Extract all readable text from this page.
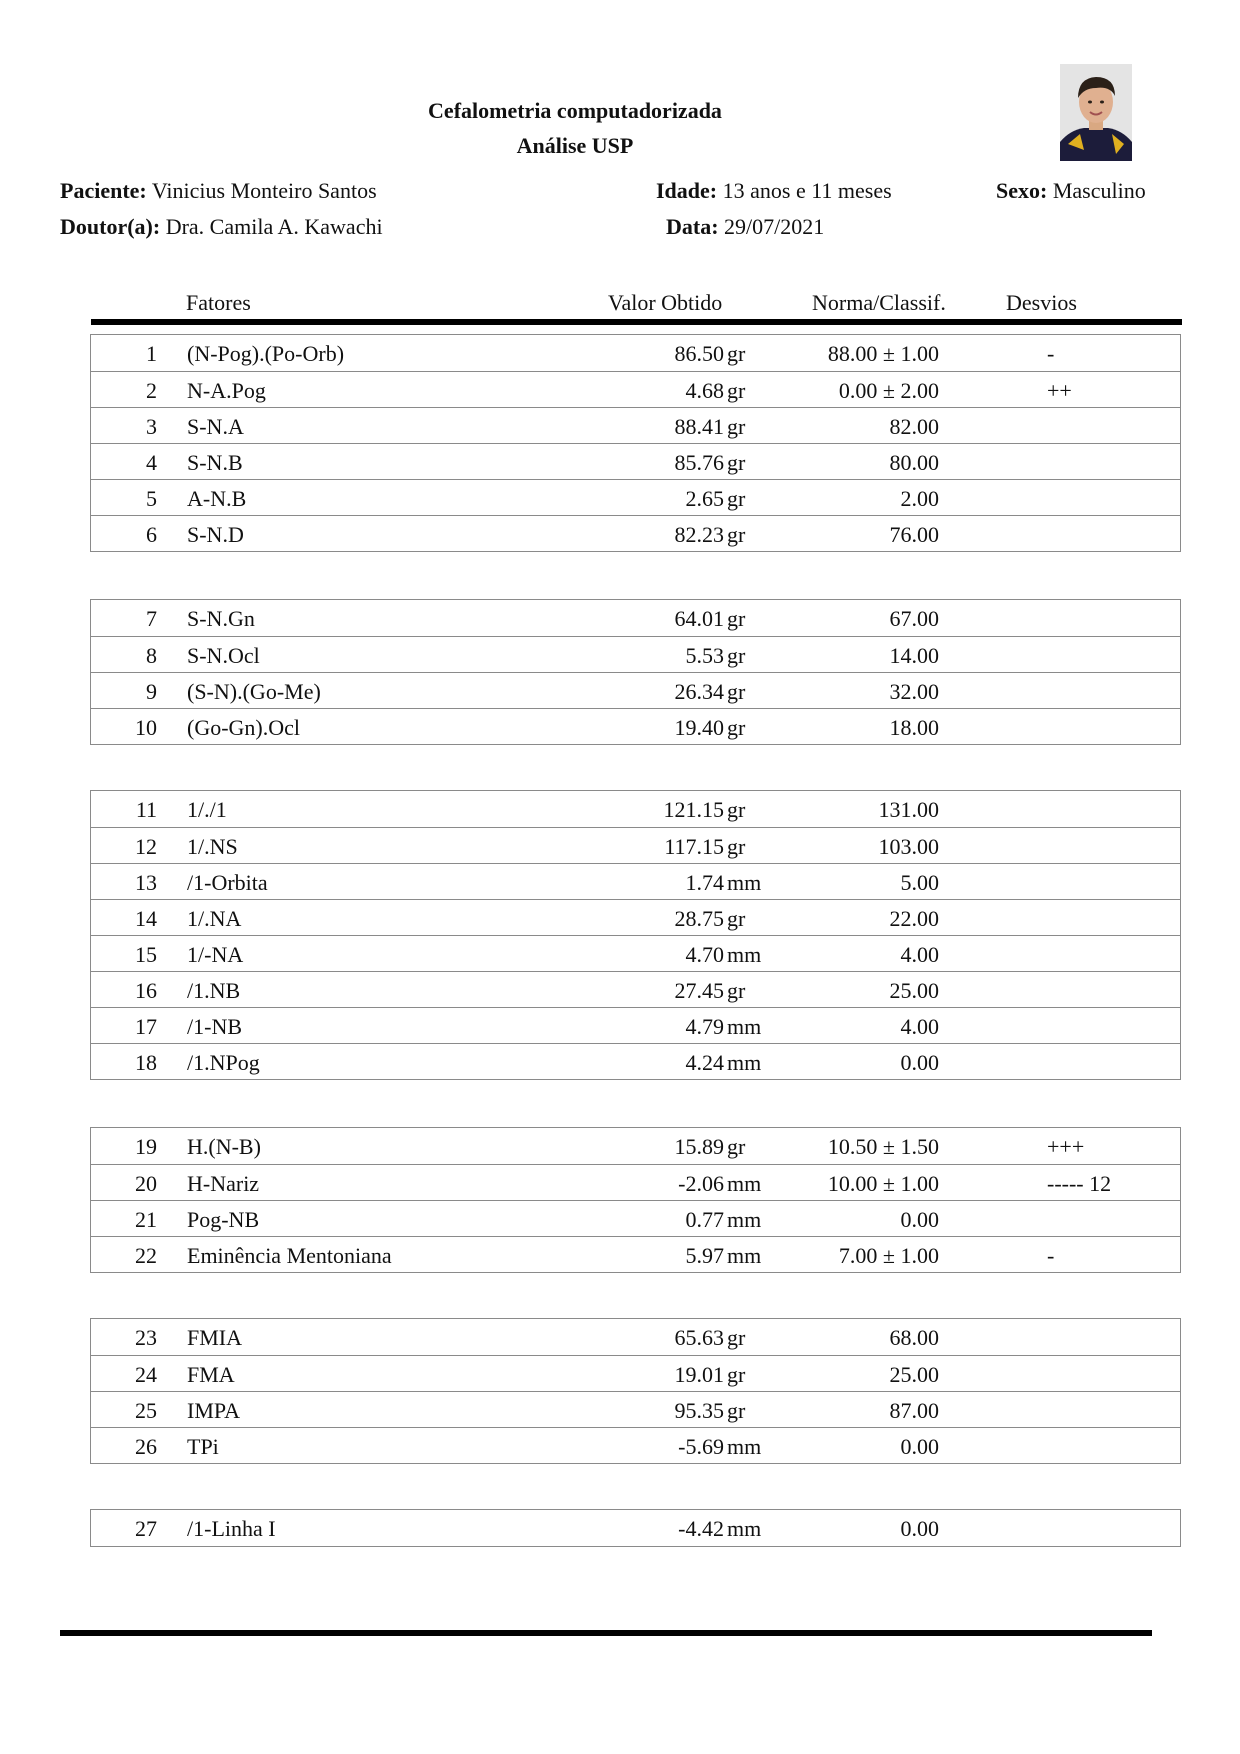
Cefalometria computadorizada
Análise USP
Paciente: Vinicius Monteiro Santos
Doutor(a): Dra. Camila A. Kawachi
Idade: 13 anos e 11 meses
Data: 29/07/2021
Sexo: Masculino
Fatores	Valor Obtido	Norma/Classif.	Desvios
1 (N-Pog).(Po-Orb)	86.50 gr	88.00 ± 1.00	-
2 N-A.Pog	4.68 gr	0.00 ± 2.00	++
3 S-N.A	88.41 gr	82.00
4 S-N.B	85.76 gr	80.00
5 A-N.B	2.65 gr	2.00
6 S-N.D	82.23 gr	76.00
7 S-N.Gn	64.01 gr	67.00
8 S-N.Ocl	5.53 gr	14.00
9 (S-N).(Go-Me)	26.34 gr	32.00
10 (Go-Gn).Ocl	19.40 gr	18.00
11 1/./1	121.15 gr	131.00
12 1/.NS	117.15 gr	103.00
13 /1-Orbita	1.74 mm	5.00
14 1/.NA	28.75 gr	22.00
15 1/-NA	4.70 mm	4.00
16 /1.NB	27.45 gr	25.00
17 /1-NB	4.79 mm	4.00
18 /1.NPog	4.24 mm	0.00
19 H.(N-B)	15.89 gr	10.50 ± 1.50	+++
20 H-Nariz	-2.06 mm	10.00 ± 1.00	----- 12
21 Pog-NB	0.77 mm	0.00
22 Eminência Mentoniana	5.97 mm	7.00 ± 1.00	-
23 FMIA	65.63 gr	68.00
24 FMA	19.01 gr	25.00
25 IMPA	95.35 gr	87.00
26 TPi	-5.69 mm	0.00
27 /1-Linha I	-4.42 mm	0.00
